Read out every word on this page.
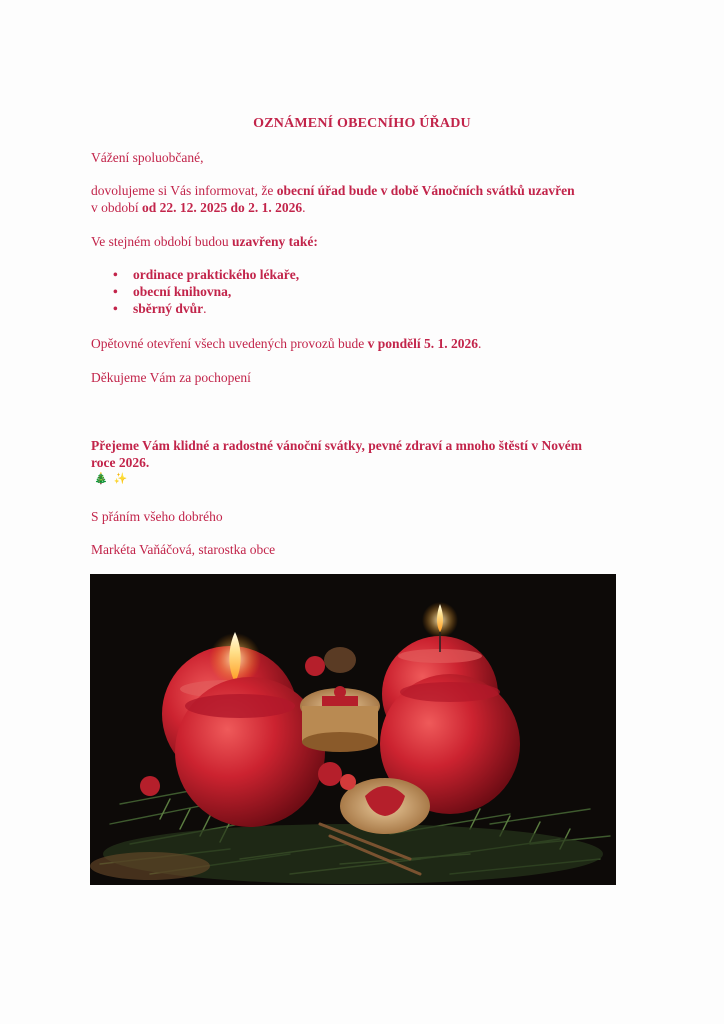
OZNÁMENÍ OBECNÍHO ÚŘADU
Vážení spoluobčané,
dovolujeme si Vás informovat, že obecní úřad bude v době Vánočních svátků uzavřen
v období od 22. 12. 2025 do 2. 1. 2026.
Ve stejném období budou uzavřeny také:
• ordinace praktického lékaře,
• obecní knihovna,
• sběrný dvůr.
Opětovné otevření všech uvedených provozů bude v pondělí 5. 1. 2026.
Děkujeme Vám za pochopení
Přejeme Vám klidné a radostné vánoční svátky, pevné zdraví a mnoho štěstí v Novém
roce 2026.
🎄 ✨
S přáním všeho dobrého
Markéta Vaňáčová, starostka obce
